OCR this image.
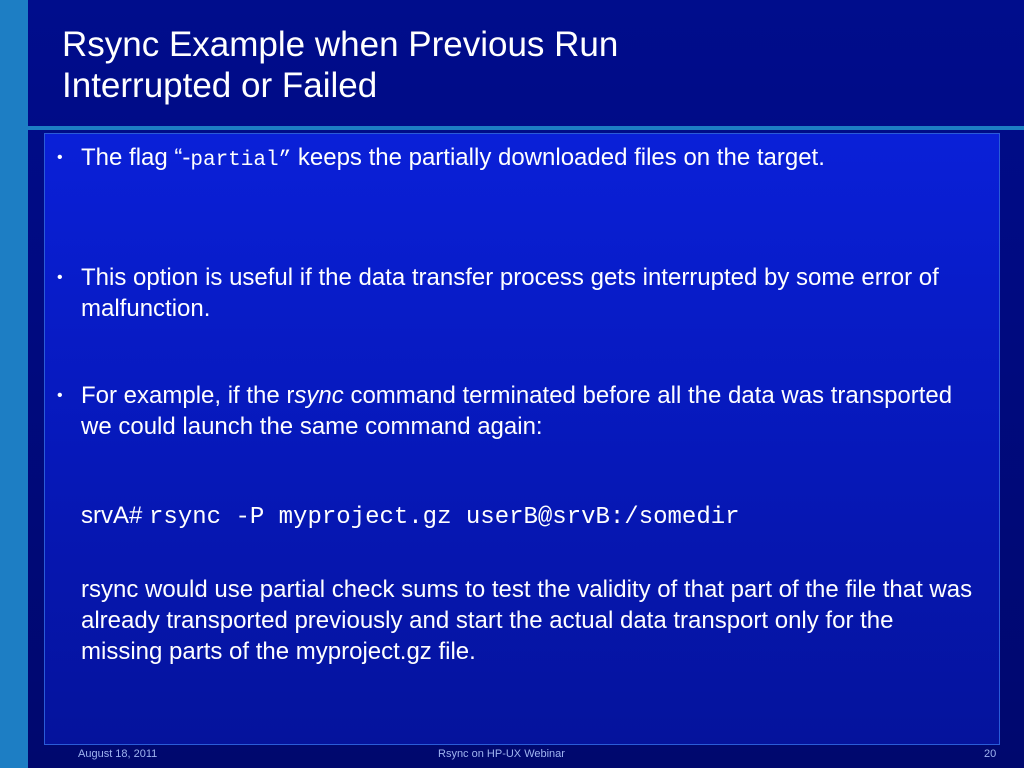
Rsync Example when Previous Run
Interrupted or Failed
• The flag “-partial” keeps the partially downloaded files on the target.
• This option is useful if the data transfer process gets interrupted by some error of malfunction.
• For example, if the rsync command terminated before all the data was transported we could launch the same command again:
srvA# rsync -P myproject.gz userB@srvB:/somedir
rsync would use partial check sums to test the validity of that part of the file that was already transported previously and start the actual data transport only for the missing parts of the myproject.gz file.
August 18, 2011	Rsync on HP-UX Webinar	20
